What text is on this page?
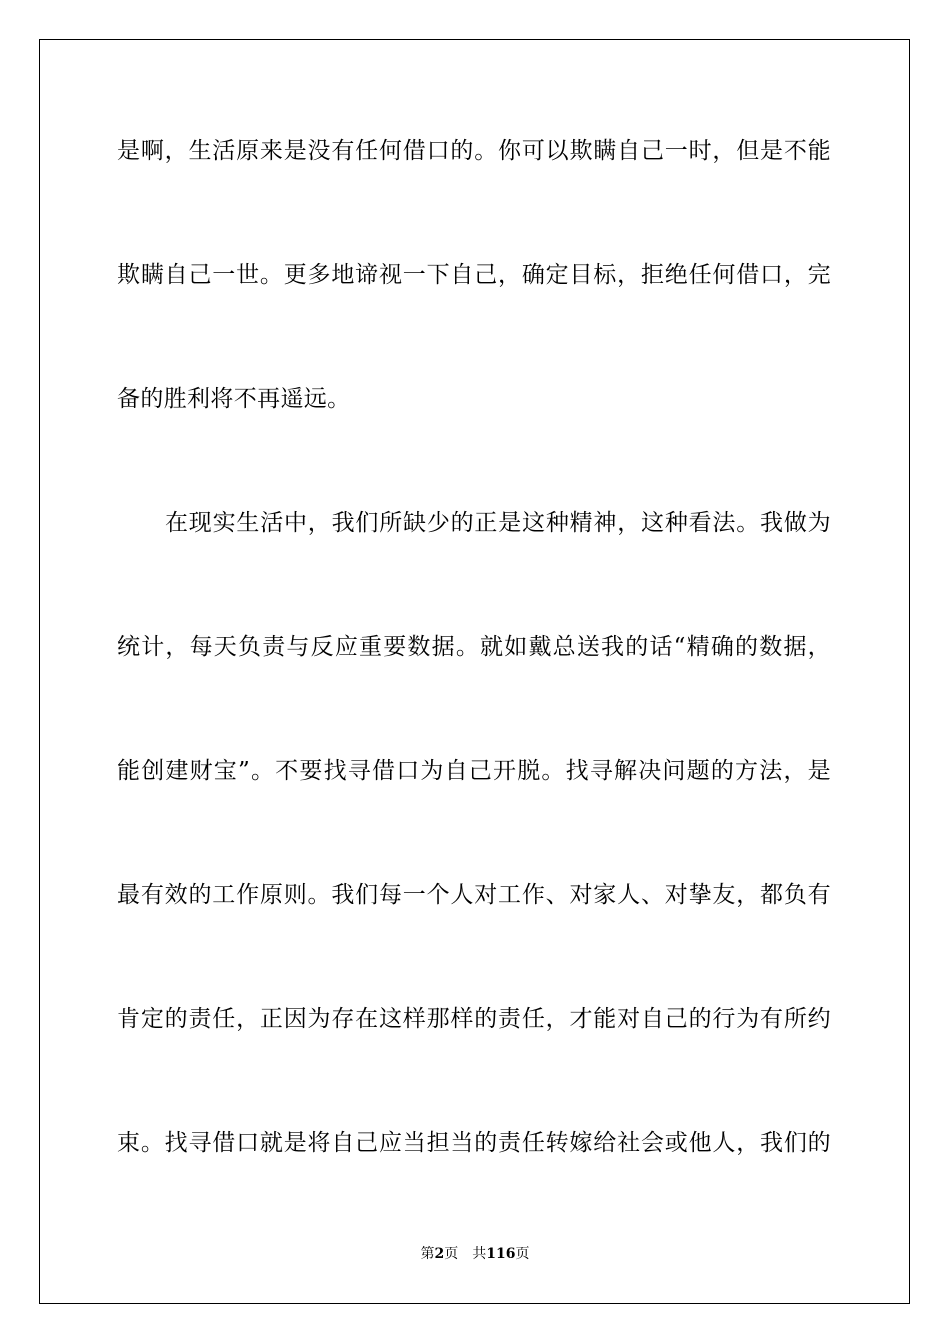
是啊，生活原来是没有任何借口的。你可以欺瞒自己一时，但是不能
欺瞒自己一世。更多地谛视一下自己，确定目标，拒绝任何借口，完
备的胜利将不再遥远。
在现实生活中，我们所缺少的正是这种精神，这种看法。我做为
统计，每天负责与反应重要数据。就如戴总送我的话“精确的数据，
能创建财宝”。不要找寻借口为自己开脱。找寻解决问题的方法，是
最有效的工作原则。我们每一个人对工作、对家人、对挚友，都负有
肯定的责任，正因为存在这样那样的责任，才能对自己的行为有所约
束。找寻借口就是将自己应当担当的责任转嫁给社会或他人，我们的
第2页 共116页
